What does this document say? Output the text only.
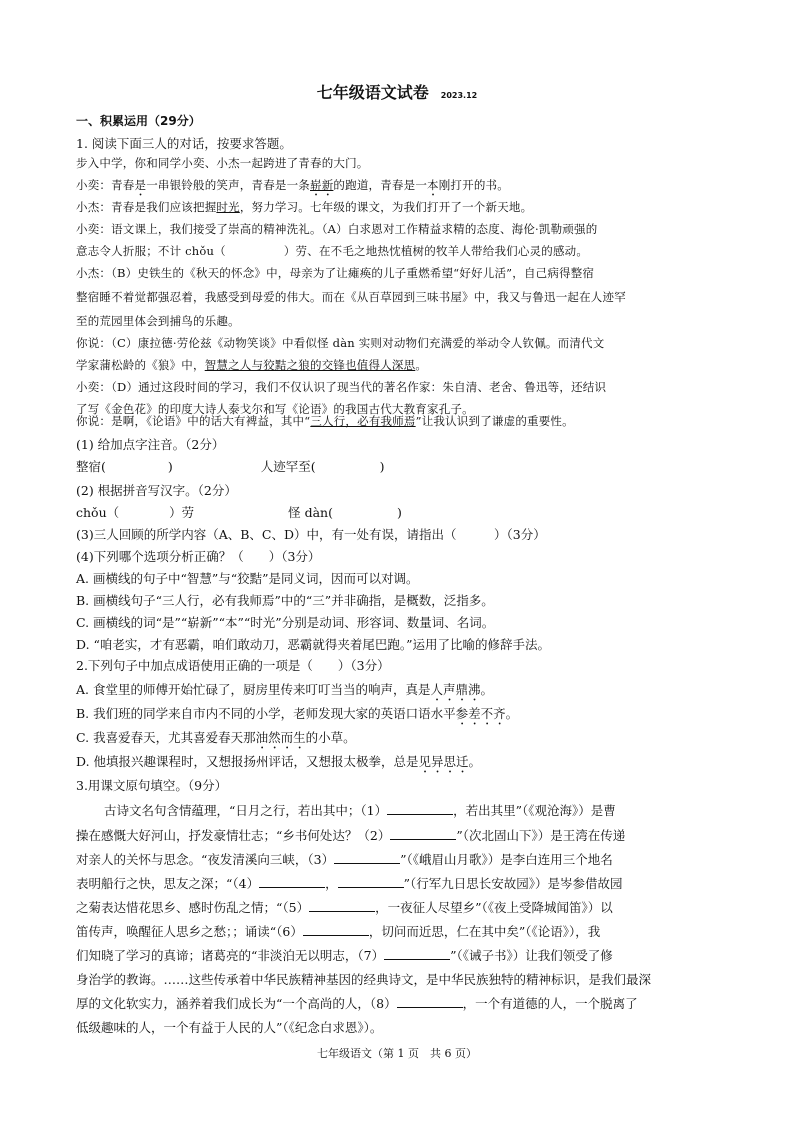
七年级语文试卷 2023.12
一、积累运用（29分）
1. 阅读下面三人的对话，按要求答题。
步入中学，你和同学小奕、小杰一起跨进了青春的大门。
小奕：青春是一串银铃般的笑声，青春是一条崭新的跑道，青春是一本刚打开的书。
小杰：青春是我们应该把握时光，努力学习。七年级的课文，为我们打开了一个新天地。
小奕：语文课上，我们接受了崇高的精神洗礼。（A）白求恩对工作精益求精的态度、海伦·凯勒顽强的
意志令人折服；不计 chǒu（	）劳、在不毛之地热忱植树的牧羊人带给我们心灵的感动。
小杰：（B）史铁生的《秋天的怀念》中，母亲为了让瘫痪的儿子重燃希望“好好儿活”，自己病得整宿
整宿睡不着觉都强忍着，我感受到母爱的伟大。而在《从百草园到三味书屋》中，我又与鲁迅一起在人迹罕
至的荒园里体会到捕鸟的乐趣。
你说：（C）康拉德·劳伦兹《动物笑谈》中看似怪 dàn 实则对动物们充满爱的举动令人钦佩。而清代文
学家蒲松龄的《狼》中，智慧之人与狡黠之狼的交锋也值得人深思。
小奕：（D）通过这段时间的学习，我们不仅认识了现当代的著名作家：朱自清、老舍、鲁迅等，还结识
了写《金色花》的印度大诗人泰戈尔和写《论语》的我国古代大教育家孔子。
你说：是啊，《论语》中的话大有裨益，其中“三人行，必有我师焉”让我认识到了谦虚的重要性。
(1) 给加点字注音。（2分）
整宿(	)	人迹罕至(	)
(2) 根据拼音写汉字。（2分）
chǒu（	）劳	怪 dàn(	)
(3)三人回顾的所学内容（A、B、C、D）中，有一处有误，请指出（　　　）（3分）
(4)下列哪个选项分析正确？（　　）（3分）
A. 画横线的句子中“智慧”与“狡黠”是同义词，因而可以对调。
B. 画横线句子“三人行，必有我师焉”中的“三”并非确指，是概数，泛指多。
C. 画横线的词“是”“崭新”“本”“时光”分别是动词、形容词、数量词、名词。
D. “咱老实，才有恶霸，咱们敢动刀，恶霸就得夹着尾巴跑。”运用了比喻的修辞手法。
2.下列句子中加点成语使用正确的一项是（　　）（3分）
A. 食堂里的师傅开始忙碌了，厨房里传来叮叮当当的响声，真是人声鼎沸。
B. 我们班的同学来自市内不同的小学，老师发现大家的英语口语水平参差不齐。
C. 我喜爱春天，尤其喜爱春天那油然而生的小草。
D. 他填报兴趣课程时，又想报扬州评话，又想报太极拳，总是见异思迁。
3.用课文原句填空。（9分）
古诗文名句含情蕴理，“日月之行，若出其中；（1）	，若出其里”（《观沧海》）是曹
操在感慨大好河山，抒发豪情壮志；“乡书何处达？（2）	”（次北固山下》）是王湾在传递
对亲人的关怀与思念。“夜发清溪向三峡，（3）	”（《峨眉山月歌》）是李白连用三个地名
表明船行之快，思友之深；“（4）	，	”（行军九日思长安故园》）是岑参借故园
之菊表达惜花思乡、感时伤乱之情；“（5）	，一夜征人尽望乡”（《夜上受降城闻笛》）以
笛传声，唤醒征人思乡之愁；；诵读“（6）	，切问而近思，仁在其中矣”（《论语》），我
们知晓了学习的真谛；诸葛亮的“非淡泊无以明志，（7）	”（《诫子书》）让我们领受了修
身治学的教诲。……这些传承着中华民族精神基因的经典诗文，是中华民族独特的精神标识，是我们最深
厚的文化软实力，涵养着我们成长为“一个高尚的人，（8）	，一个有道德的人，一个脱离了
低级趣味的人，一个有益于人民的人”（《纪念白求恩》）。
七年级语文（第 1 页　共 6 页）
